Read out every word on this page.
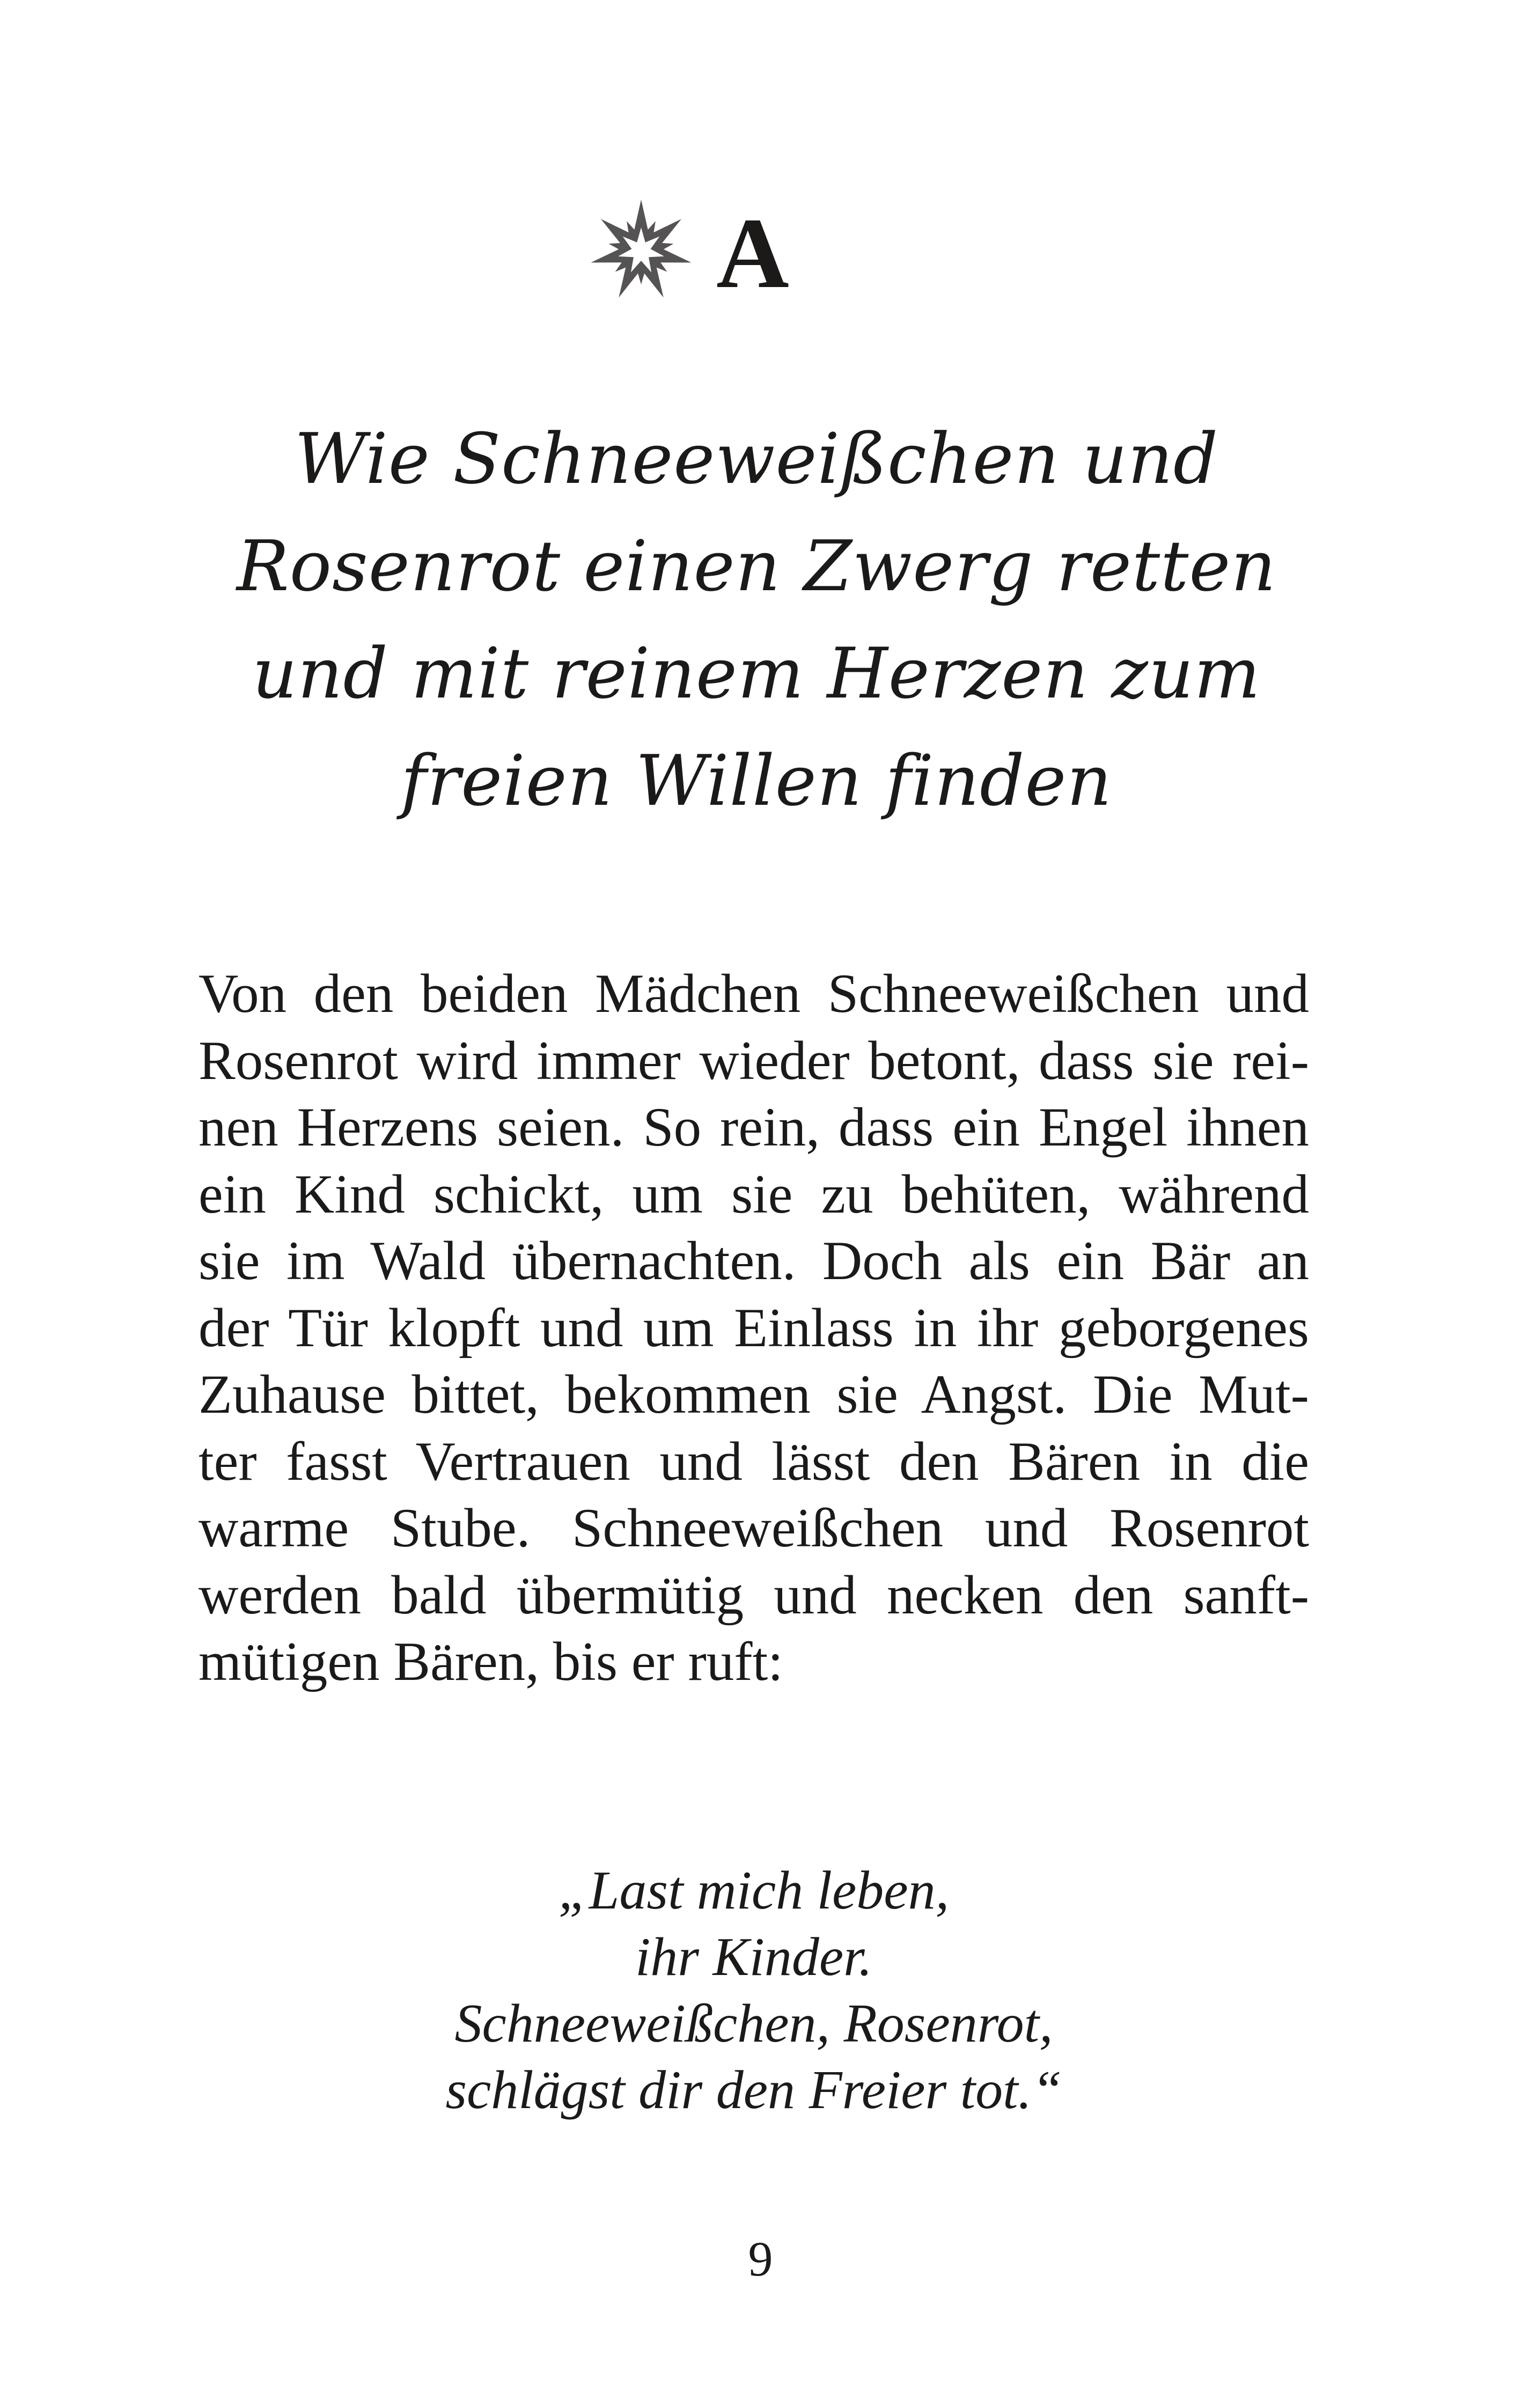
A
Wie Schneeweißchen und
Rosenrot einen Zwerg retten
und mit reinem Herzen zum
freien Willen finden
Von den beiden Mädchen Schneeweißchen und
Rosenrot wird immer wieder betont, dass sie rei-
nen Herzens seien. So rein, dass ein Engel ihnen
ein Kind schickt, um sie zu behüten, während
sie im Wald übernachten. Doch als ein Bär an
der Tür klopft und um Einlass in ihr geborgenes
Zuhause bittet, bekommen sie Angst. Die Mut-
ter fasst Vertrauen und lässt den Bären in die
warme Stube. Schneeweißchen und Rosenrot
werden bald übermütig und necken den sanft-
mütigen Bären, bis er ruft:
„Last mich leben,
ihr Kinder.
Schneeweißchen, Rosenrot,
schlägst dir den Freier tot.“
9
